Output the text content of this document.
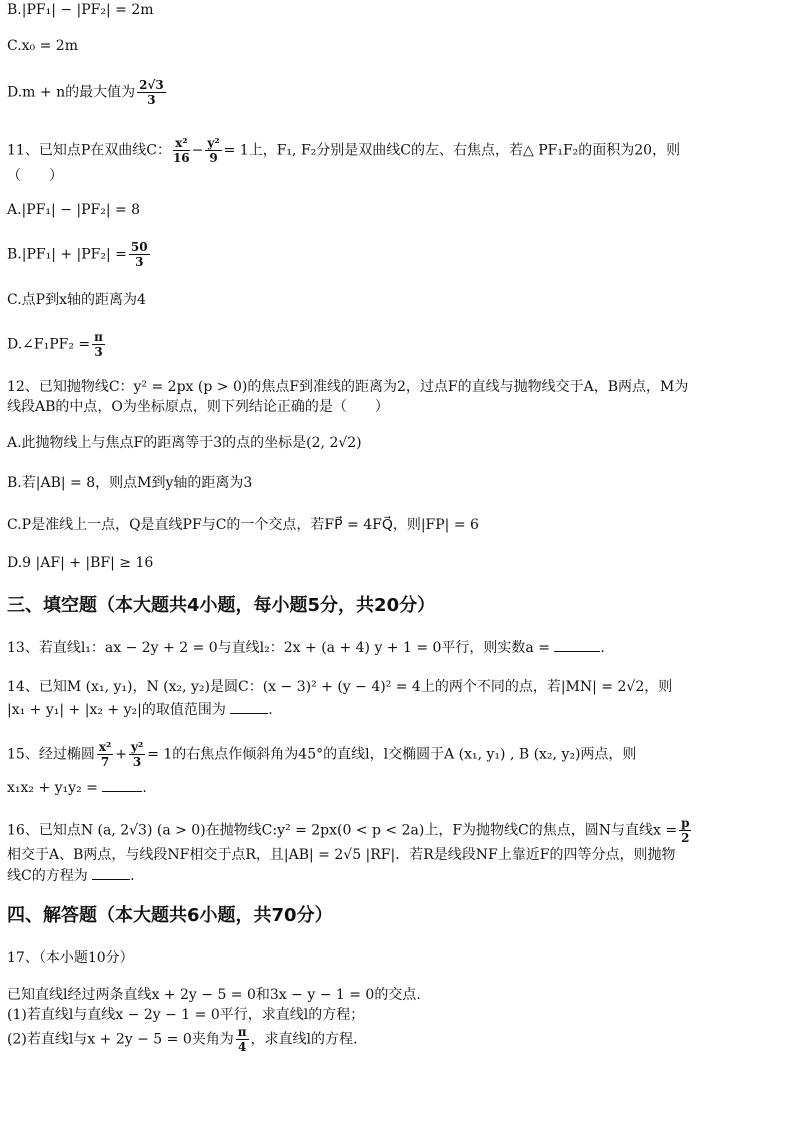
B.|PF₁| − |PF₂| = 2m
C.x₀ = 2m
D.m + n的最大值为 $\frac{2√3}{3}$
11、已知点P在双曲线C： $\frac{\text{x²}}{16} - \frac{\text{y²}}{9} = 1$上，F₁, F₂分别是双曲线C的左、右焦点，若△ PF₁F₂的面积为20，则
（　　）
A.|PF₁| − |PF₂| = 8
$B.|PF_1| + |PF_2| = \frac{50}{3}$
C.点P到x轴的距离为4
D.∠F₁PF₂ = $\frac{\pi}{3}$
12、已知抛物线C：y² = 2px (p > 0)的焦点F到准线的距离为2，过点F的直线与抛物线交于A，B两点，M为
线段AB的中点，O为坐标原点，则下列结论正确的是（　　）
A.此抛物线上与焦点F的距离等于3的点的坐标是(2, 2√2)
B.若|AB| = 8，则点M到y轴的距离为3
C.P是准线上一点，Q是直线PF与C的一个交点，若FP⃗ = 4FQ⃗，则|FP| = 6
D.9 |AF| + |BF| ≥ 16
三、填空题（本大题共4小题，每小题5分，共20分）
13、若直线l₁：ax − 2y + 2 = 0与直线l₂：2x + (a + 4) y + 1 = 0平行，则实数a =	.
14、已知M (x₁, y₁)，N (x₂, y₂)是圆C：(x − 3)² + (y − 4)² = 4上的两个不同的点，若|MN| = 2√2，则
|x₁ + y₁| + |x₂ + y₂|的取值范围为	.
15、经过椭圆 $\frac{\text{x²}}{7} + \frac{\text{y²}}{3} = 1$的右焦点作倾斜角为45°的直线l，l交椭圆于A (x₁, y₁) , B (x₂, y₂)两点，则
x₁x₂ + y₁y₂ =	.
16、已知点N (a, 2√3) (a > 0)在抛物线C:y² = 2px(0 < p < 2a)上，F为抛物线C的焦点，圆N与直线$x = \frac{p}{2}$
相交于A、B两点，与线段NF相交于点R，且|AB| = 2√5 |RF|．若R是线段NF上靠近F的四等分点，则抛物
线C的方程为	.
四、解答题（本大题共6小题，共70分）
17、（本小题10分）
已知直线l经过两条直线x + 2y − 5 = 0和3x − y − 1 = 0的交点.
(1)若直线l与直线x − 2y − 1 = 0平行，求直线l的方程；
(2)若直线l与x + 2y − 5 = 0夹角为 $\frac{\pi}{4}$ ，求直线l的方程.
